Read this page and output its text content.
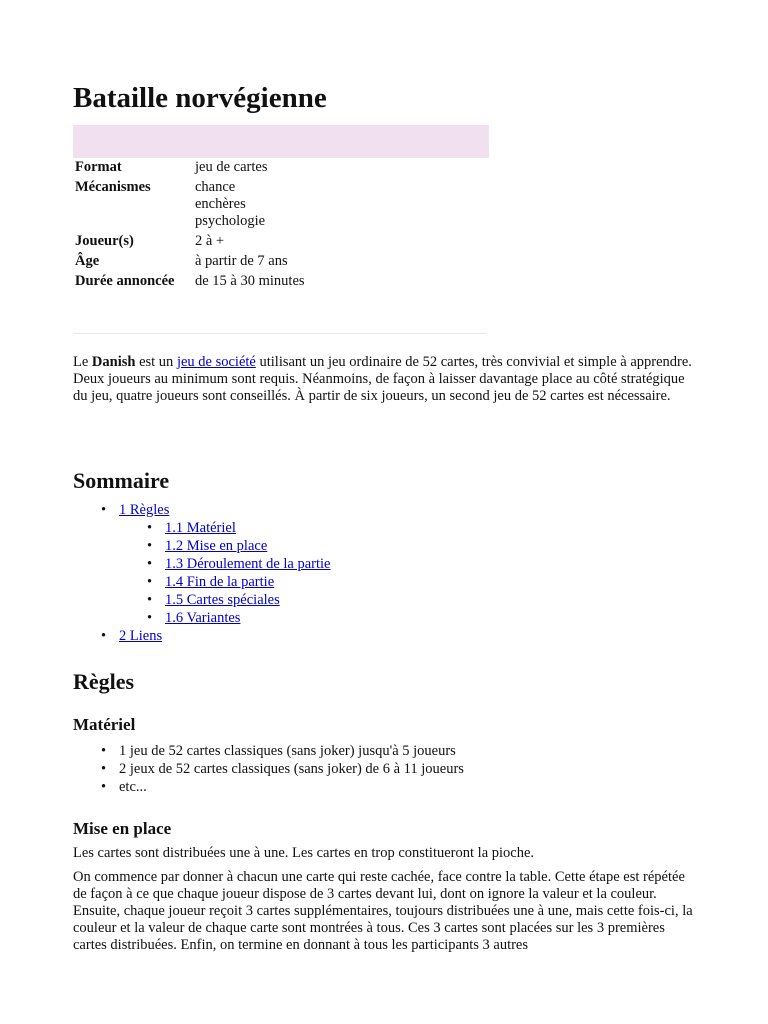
Bataille norvégienne
Format	jeu de cartes
Mécanismes	chance
enchères
psychologie

Joueur(s)	2 à +
Âge	à partir de 7 ans
Durée annoncée	de 15 à 30 minutes

Le Danish est un jeu de société utilisant un jeu ordinaire de 52 cartes, très convivial et simple à apprendre. Deux joueurs au minimum sont requis. Néanmoins, de façon à laisser davantage place au côté stratégique du jeu, quatre joueurs sont conseillés. À partir de six joueurs, un second jeu de 52 cartes est nécessaire.

Sommaire
• 1 Règles
• 1.1 Matériel
• 1.2 Mise en place
• 1.3 Déroulement de la partie
• 1.4 Fin de la partie
• 1.5 Cartes spéciales
• 1.6 Variantes
• 2 Liens
Règles
Matériel
• 1 jeu de 52 cartes classiques (sans joker) jusqu'à 5 joueurs
• 2 jeux de 52 cartes classiques (sans joker) de 6 à 11 joueurs
• etc...
Mise en place

Les cartes sont distribuées une à une. Les cartes en trop constitueront la pioche.

On commence par donner à chacun une carte qui reste cachée, face contre la table. Cette étape est répétée de façon à ce que chaque joueur dispose de 3 cartes devant lui, dont on ignore la valeur et la couleur. Ensuite, chaque joueur reçoit 3 cartes supplémentaires, toujours distribuées une à une, mais cette fois-ci, la couleur et la valeur de chaque carte sont montrées à tous. Ces 3 cartes sont placées sur les 3 premières cartes distribuées. Enfin, on termine en donnant à tous les participants 3 autres
